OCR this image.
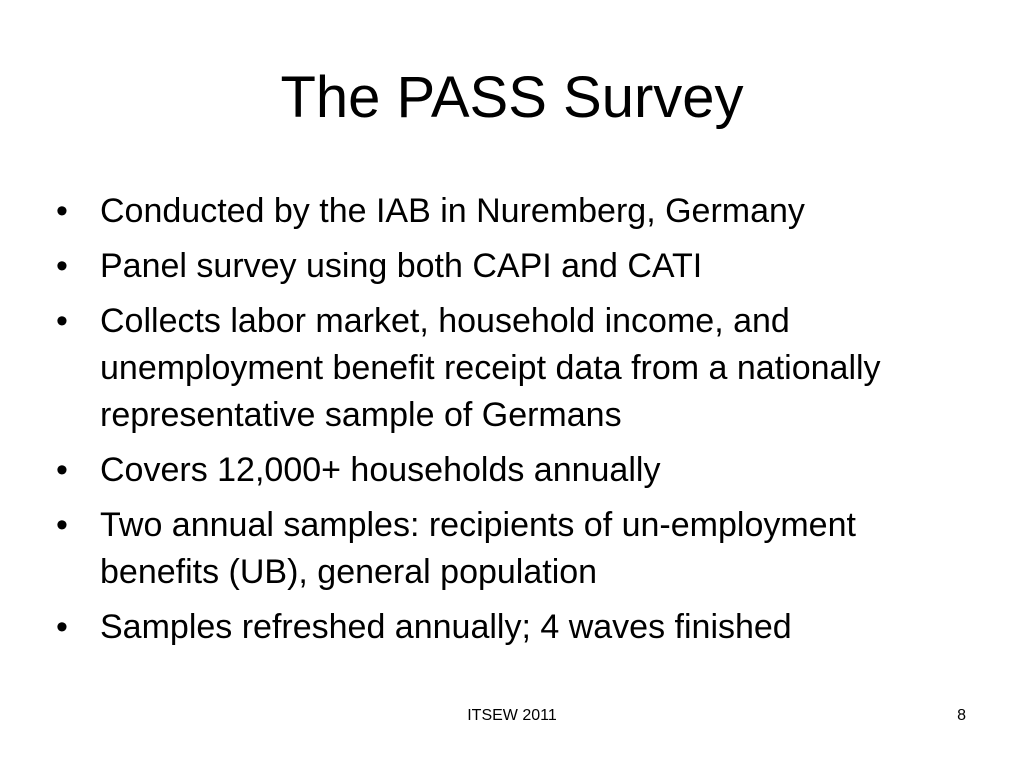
The PASS Survey
• Conducted by the IAB in Nuremberg, Germany
• Panel survey using both CAPI and CATI
• Collects labor market, household income, and unemployment benefit receipt data from a nationally representative sample of Germans
• Covers 12,000+ households annually
• Two annual samples: recipients of un-employment benefits (UB), general population
• Samples refreshed annually; 4 waves finished
ITSEW 2011	8
